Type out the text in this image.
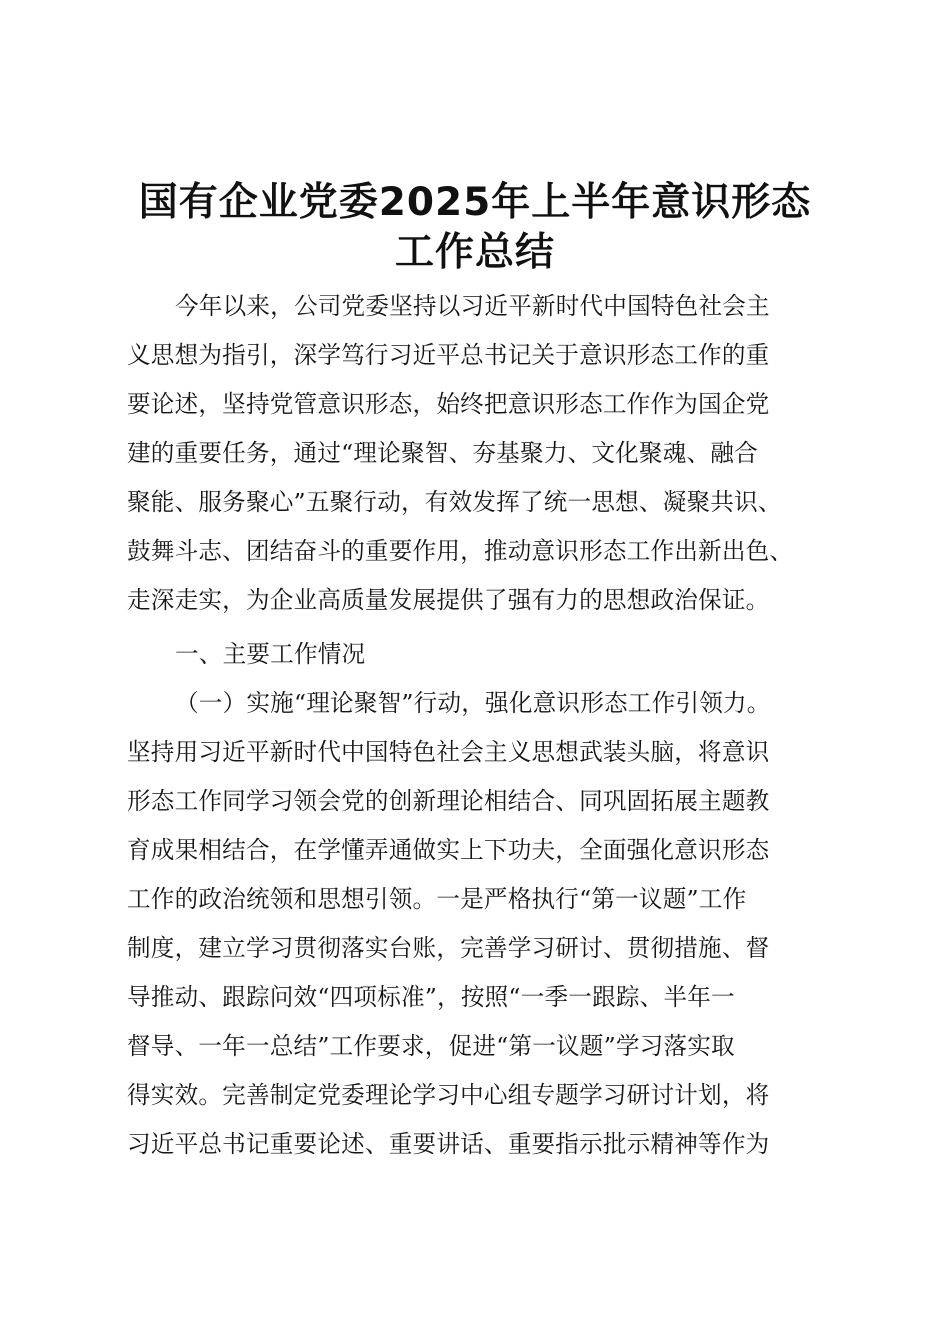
国有企业党委2025年上半年意识形态
工作总结
今年以来，公司党委坚持以习近平新时代中国特色社会主
义思想为指引，深学笃行习近平总书记关于意识形态工作的重
要论述，坚持党管意识形态，始终把意识形态工作作为国企党
建的重要任务，通过“理论聚智、夯基聚力、文化聚魂、融合
聚能、服务聚心”五聚行动，有效发挥了统一思想、凝聚共识、
鼓舞斗志、团结奋斗的重要作用，推动意识形态工作出新出色、
走深走实，为企业高质量发展提供了强有力的思想政治保证。
一、主要工作情况
（一）实施“理论聚智”行动，强化意识形态工作引领力。
坚持用习近平新时代中国特色社会主义思想武装头脑，将意识
形态工作同学习领会党的创新理论相结合、同巩固拓展主题教
育成果相结合，在学懂弄通做实上下功夫，全面强化意识形态
工作的政治统领和思想引领。一是严格执行“第一议题”工作
制度，建立学习贯彻落实台账，完善学习研讨、贯彻措施、督
导推动、跟踪问效“四项标准”，按照“一季一跟踪、半年一
督导、一年一总结”工作要求，促进“第一议题”学习落实取
得实效。完善制定党委理论学习中心组专题学习研讨计划，将
习近平总书记重要论述、重要讲话、重要指示批示精神等作为
